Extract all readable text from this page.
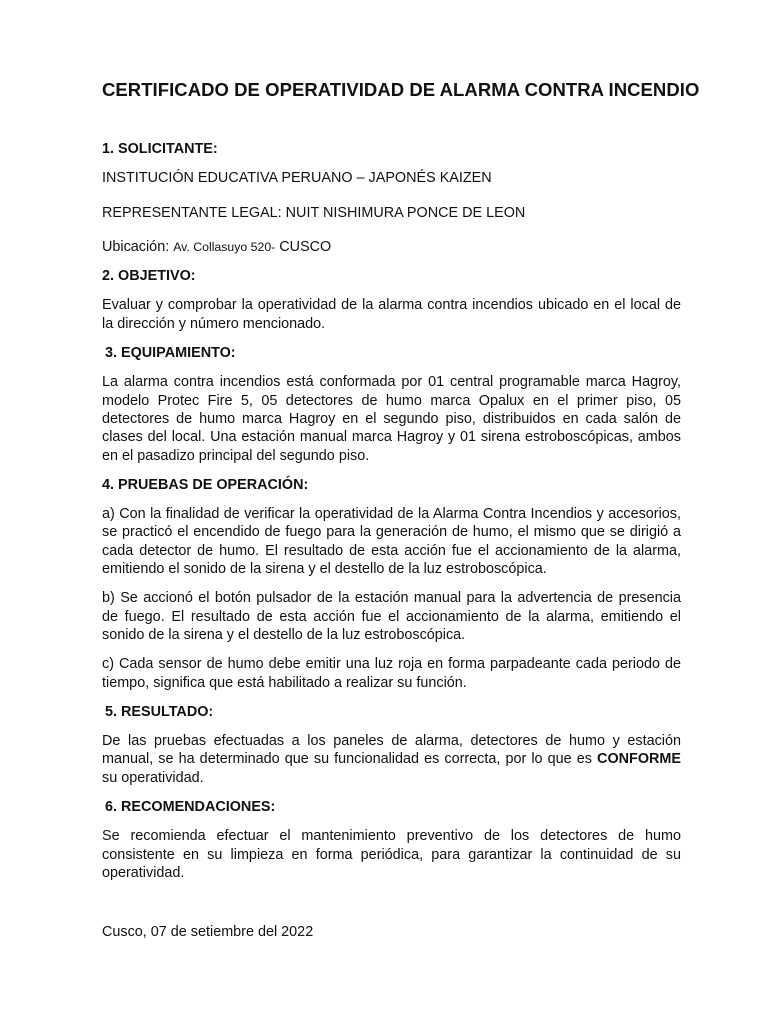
CERTIFICADO DE OPERATIVIDAD DE ALARMA CONTRA INCENDIO
1. SOLICITANTE:

INSTITUCIÓN EDUCATIVA PERUANO – JAPONÉS KAIZEN

REPRESENTANTE LEGAL: NUIT NISHIMURA PONCE DE LEON

Ubicación: Av. Collasuyo 520- CUSCO

2. OBJETIVO:

Evaluar y comprobar la operatividad de la alarma contra incendios ubicado en el local de la dirección y número mencionado.

3. EQUIPAMIENTO:

La alarma contra incendios está conformada por 01 central programable marca Hagroy, modelo Protec Fire 5, 05 detectores de humo marca Opalux en el primer piso, 05 detectores de humo marca Hagroy en el segundo piso, distribuidos en cada salón de clases del local. Una estación manual marca Hagroy y 01 sirena estroboscópicas, ambos en el pasadizo principal del segundo piso.

4. PRUEBAS DE OPERACIÓN:

a) Con la finalidad de verificar la operatividad de la Alarma Contra Incendios y accesorios, se practicó el encendido de fuego para la generación de humo, el mismo que se dirigió a cada detector de humo. El resultado de esta acción fue el accionamiento de la alarma, emitiendo el sonido de la sirena y el destello de la luz estroboscópica.

b) Se accionó el botón pulsador de la estación manual para la advertencia de presencia de fuego. El resultado de esta acción fue el accionamiento de la alarma, emitiendo el sonido de la sirena y el destello de la luz estroboscópica.

c) Cada sensor de humo debe emitir una luz roja en forma parpadeante cada periodo de tiempo, significa que está habilitado a realizar su función.

5. RESULTADO:

De las pruebas efectuadas a los paneles de alarma, detectores de humo y estación manual, se ha determinado que su funcionalidad es correcta, por lo que es CONFORME su operatividad.

6. RECOMENDACIONES:

Se recomienda efectuar el mantenimiento preventivo de los detectores de humo consistente en su limpieza en forma periódica, para garantizar la continuidad de su operatividad.

Cusco, 07 de setiembre del 2022
